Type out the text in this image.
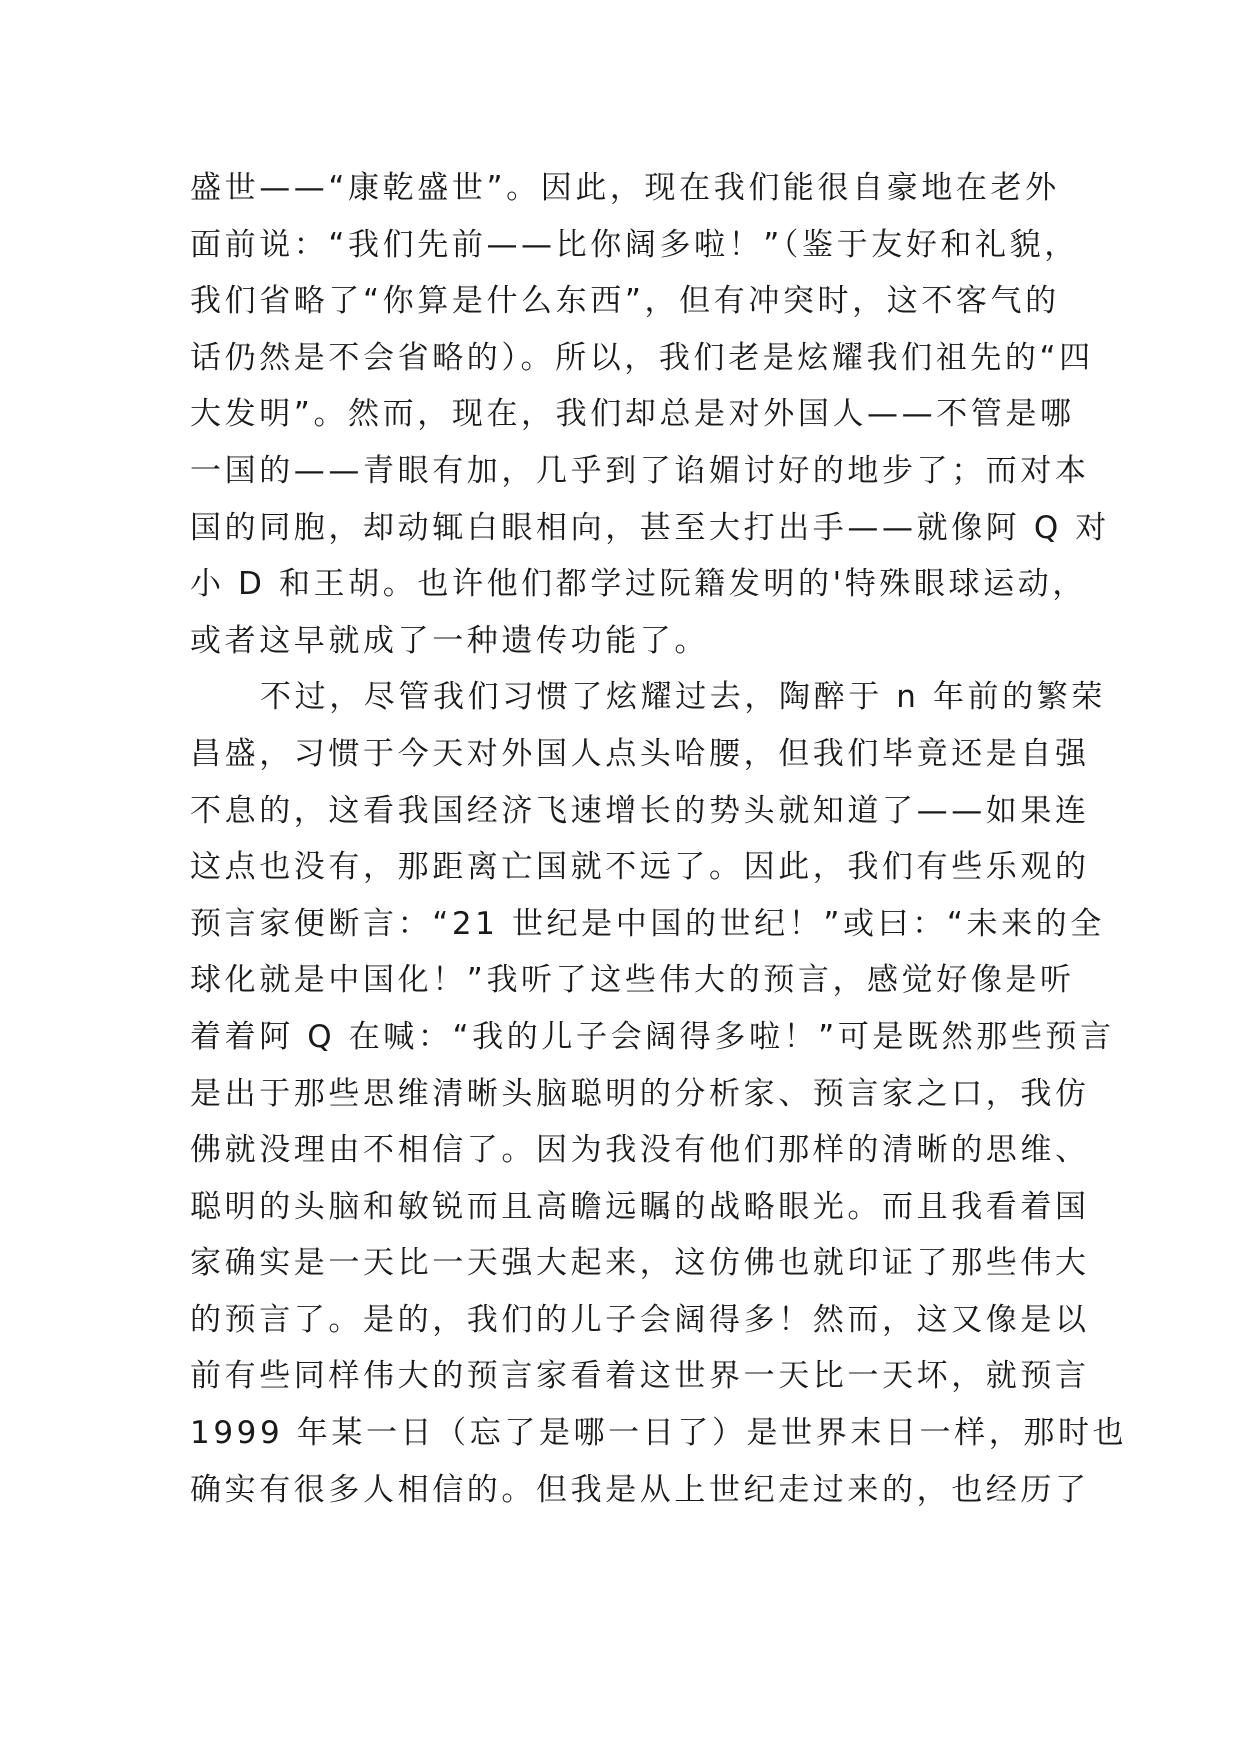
盛世——“康乾盛世”。因此，现在我们能很自豪地在老外
面前说：“我们先前——比你阔多啦！”（鉴于友好和礼貌，
我们省略了“你算是什么东西”，但有冲突时，这不客气的
话仍然是不会省略的）。所以，我们老是炫耀我们祖先的“四
大发明”。然而，现在，我们却总是对外国人——不管是哪
一国的——青眼有加，几乎到了谄媚讨好的地步了；而对本
国的同胞，却动辄白眼相向，甚至大打出手——就像阿 Q 对
小 D 和王胡。也许他们都学过阮籍发明的'特殊眼球运动，
或者这早就成了一种遗传功能了。
不过，尽管我们习惯了炫耀过去，陶醉于 n 年前的繁荣
昌盛，习惯于今天对外国人点头哈腰，但我们毕竟还是自强
不息的，这看我国经济飞速增长的势头就知道了——如果连
这点也没有，那距离亡国就不远了。因此，我们有些乐观的
预言家便断言：“21 世纪是中国的世纪！”或曰：“未来的全
球化就是中国化！”我听了这些伟大的预言，感觉好像是听
着着阿 Q 在喊：“我的儿子会阔得多啦！”可是既然那些预言
是出于那些思维清晰头脑聪明的分析家、预言家之口，我仿
佛就没理由不相信了。因为我没有他们那样的清晰的思维、
聪明的头脑和敏锐而且高瞻远瞩的战略眼光。而且我看着国
家确实是一天比一天强大起来，这仿佛也就印证了那些伟大
的预言了。是的，我们的儿子会阔得多！然而，这又像是以
前有些同样伟大的预言家看着这世界一天比一天坏，就预言
1999 年某一日（忘了是哪一日了）是世界末日一样，那时也
确实有很多人相信的。但我是从上世纪走过来的，也经历了
